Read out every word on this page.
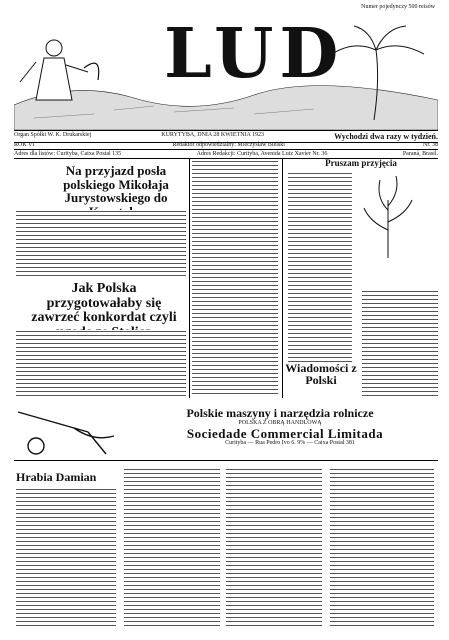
Numer pojedynczy 500 reisów
LUD
Organ Spółki W. K. Drukarskiej	KURYTYBA, DNIA 28 KWIETNIA 1923	Wychodzi dwa razy w tydzień.
ROK VI	Redaktor odpowiedzialny: Mieczysław Bielski	Nr. 38
Adres dla listów: Curityba, Caixa Postal 135	Adres Redakcji: Curityba, Avenida Luiz Xavier Nr. 36	Paraná, Brasil.
Na przyjazd posła polskiego Mikołaja Jurystowskiego do
Jak Polska przygotowałaby się zawrzeć konkordat czyli
Pruszam przyjęcia
Wiadomości z Polski
Polskie maszyny i narzędzia rolnicze
POLSKA Z OBRĄ HANDLOWĄ
Sociedade Commercial Limitada
Curityba — Rua Pedro Ivo 6. 9% — Caixa Postal 381
Hrabia Damian
